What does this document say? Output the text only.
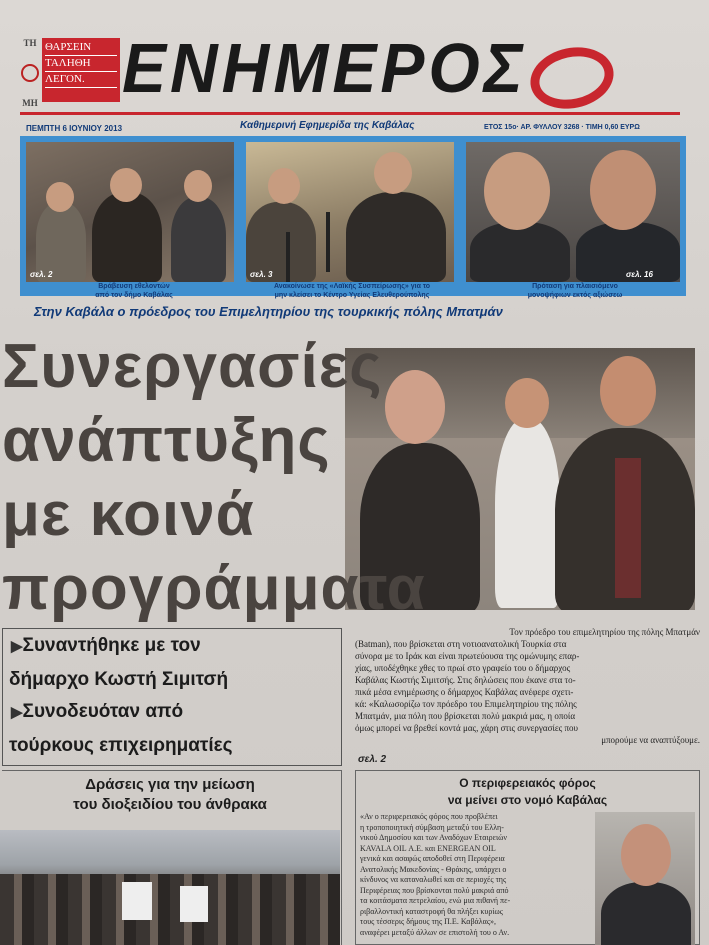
ΤΗ
ΜΗ
ΘΑΡΣΕΙΝ
ΤΑΛΗΘΗ
ΛΕΓΟΝ. ΕΝΗΜΕΡΟΣ
ΠΕΜΠΤΗ 6 ΙΟΥΝΙΟΥ 2013	Καθημερινή Εφημερίδα της Καβάλας	ΕΤΟΣ 15ο· ΑΡ. ΦΥΛΛΟΥ 3268 · ΤΙΜΗ 0,60 ΕΥΡΩ
σελ. 2	σελ. 3	σελ. 16
Βράβευση εθελοντών
από τον δήμο Καβάλας
Ανακοίνωσε της «Λαϊκής Συσπείρωσης» για το
μην κλείσει το Κέντρο Υγείας Ελευθερούπολης
Πρόταση για πλαισιόμενο
μονοψήφιων εκτός αξιώσεω
Στην Καβάλα ο πρόεδρος του Επιμελητηρίου της τουρκικής πόλης Μπατμάν
Συνεργασίες
ανάπτυξης
με κοινά
προγράμματα
▶Συναντήθηκε με τον
δήμαρχο Κωστή Σιμιτσή
▶Συνοδευόταν από
τούρκους επιχειρηματίες
Τον πρόεδρο του επιμελητηρίου της πόλης Μπατμάν
(Batman), που βρίσκεται στη νοτιοανατολική Τουρκία στα
σύνορα με το Ιράκ και είναι πρωτεύουσα της ομώνυμης επαρ-
χίας, υποδέχθηκε χθες το πρωί στο γραφείο του ο δήμαρχος
Καβάλας Κωστής Σιμιτσής. Στις δηλώσεις που έκανε στα το-
πικά μέσα ενημέρωσης ο δήμαρχος Καβάλας ανέφερε σχετι-
κά: «Καλωσορίζω τον πρόεδρο του Επιμελητηρίου της πόλης
Μπατμάν, μια πόλη που βρίσκεται πολύ μακριά μας, η οποία
όμως μπορεί να βρεθεί κοντά μας, χάρη στις συνεργασίες που
μπορούμε να αναπτύξουμε.
σελ. 2
Δράσεις για την μείωση
του διοξειδίου του άνθρακα
Ο περιφερειακός φόρος
να μείνει στο νομό Καβάλας
«Αν ο περιφερειακός φόρος που προβλέπει
η τροποποιητική σύμβαση μεταξύ του Ελλη-
νικού Δημοσίου και των Αναδόχων Εταιρειών
KAVALA OIL Α.Ε. και ENERGEAN OIL
γενικά και ασαφώς αποδοθεί στη Περιφέρεια
Ανατολικής Μακεδονίας - Θράκης, υπάρχει ο
κίνδυνος να καταναλωθεί και σε περιοχές της
Περιφέρειας που βρίσκονται πολύ μακριά από
τα κοιτάσματα πετρελαίου, ενώ μια πιθανή πε-
ριβαλλοντική καταστροφή θα πλήξει κυρίως
τους τέσσερις δήμους της Π.Ε. Καβάλας»,
αναφέρει μεταξύ άλλων σε επιστολή του ο Αν.
